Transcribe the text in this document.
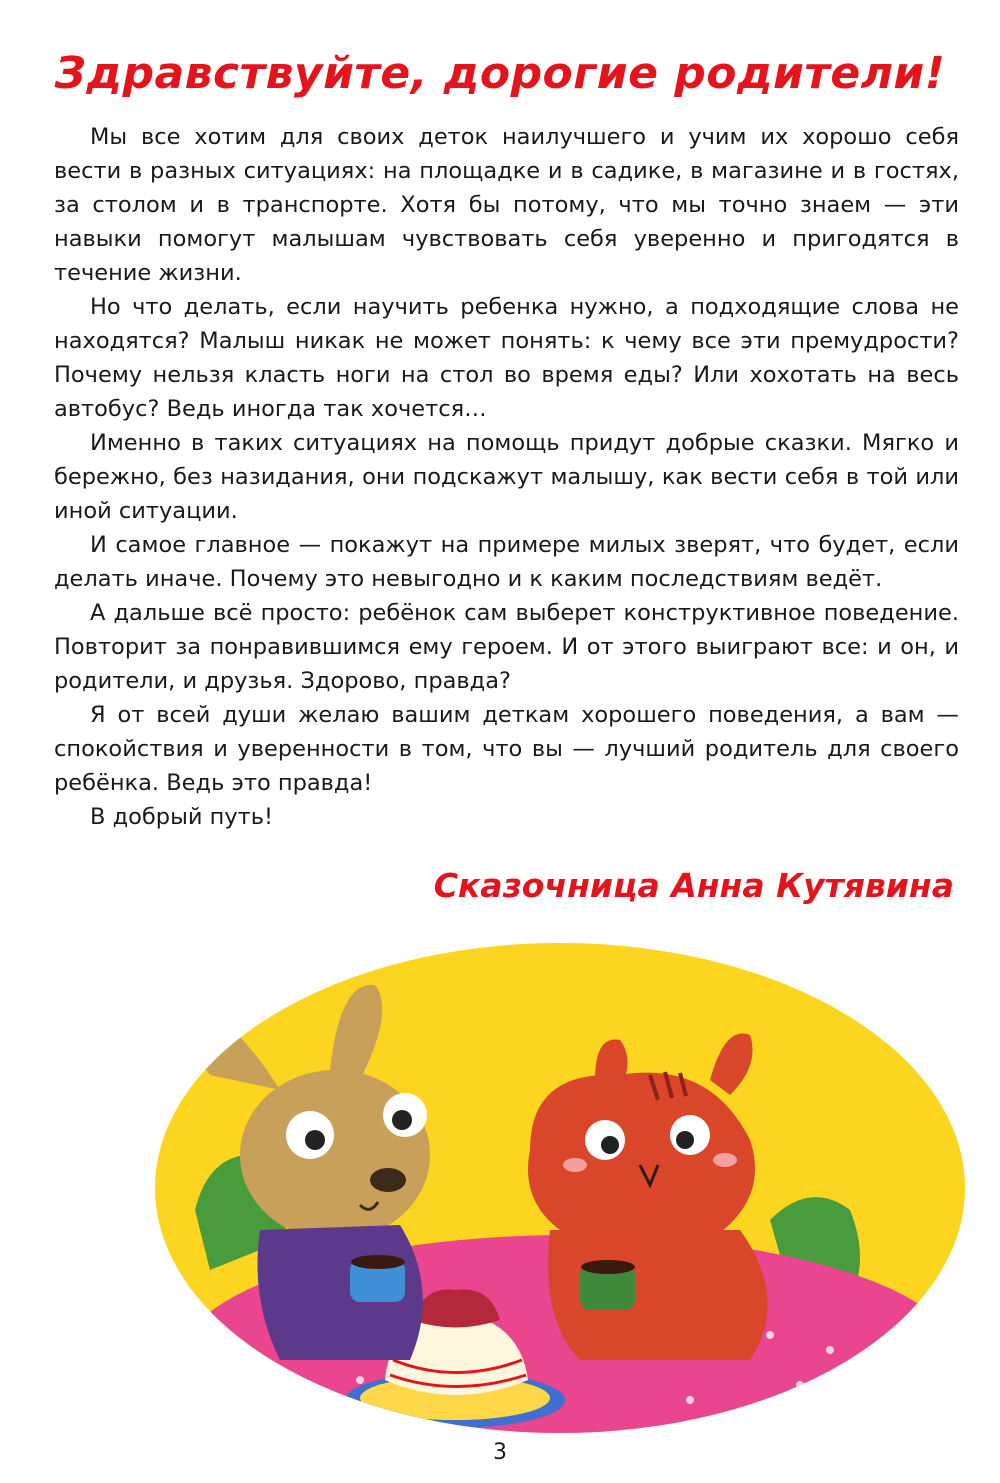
Здравствуйте, дорогие родители!

Мы все хотим для своих деток наилучшего и учим их хорошо себя вести в разных ситуациях: на площадке и в садике, в магазине и в гостях, за столом и в транспорте. Хотя бы потому, что мы точно знаем — эти навыки помогут малышам чувствовать себя уверенно и пригодятся в течение жизни.

Но что делать, если научить ребенка нужно, а подходящие слова не находятся? Малыш никак не может понять: к чему все эти премудрости? Почему нельзя класть ноги на стол во время еды? Или хохотать на весь автобус? Ведь иногда так хочется…

Именно в таких ситуациях на помощь придут добрые сказки. Мягко и бережно, без назидания, они подскажут малышу, как вести себя в той или иной ситуации.

И самое главное — покажут на примере милых зверят, что будет, если делать иначе. Почему это невыгодно и к каким последствиям ведёт.

А дальше всё просто: ребёнок сам выберет конструктивное поведение. Повторит за понравившимся ему героем. И от этого выиграют все: и он, и родители, и друзья. Здорово, правда?

Я от всей души желаю вашим деткам хорошего поведения, а вам — спокойствия и уверенности в том, что вы — лучший родитель для своего ребёнка. Ведь это правда!

В добрый путь!

Сказочница Анна Кутявина
3
